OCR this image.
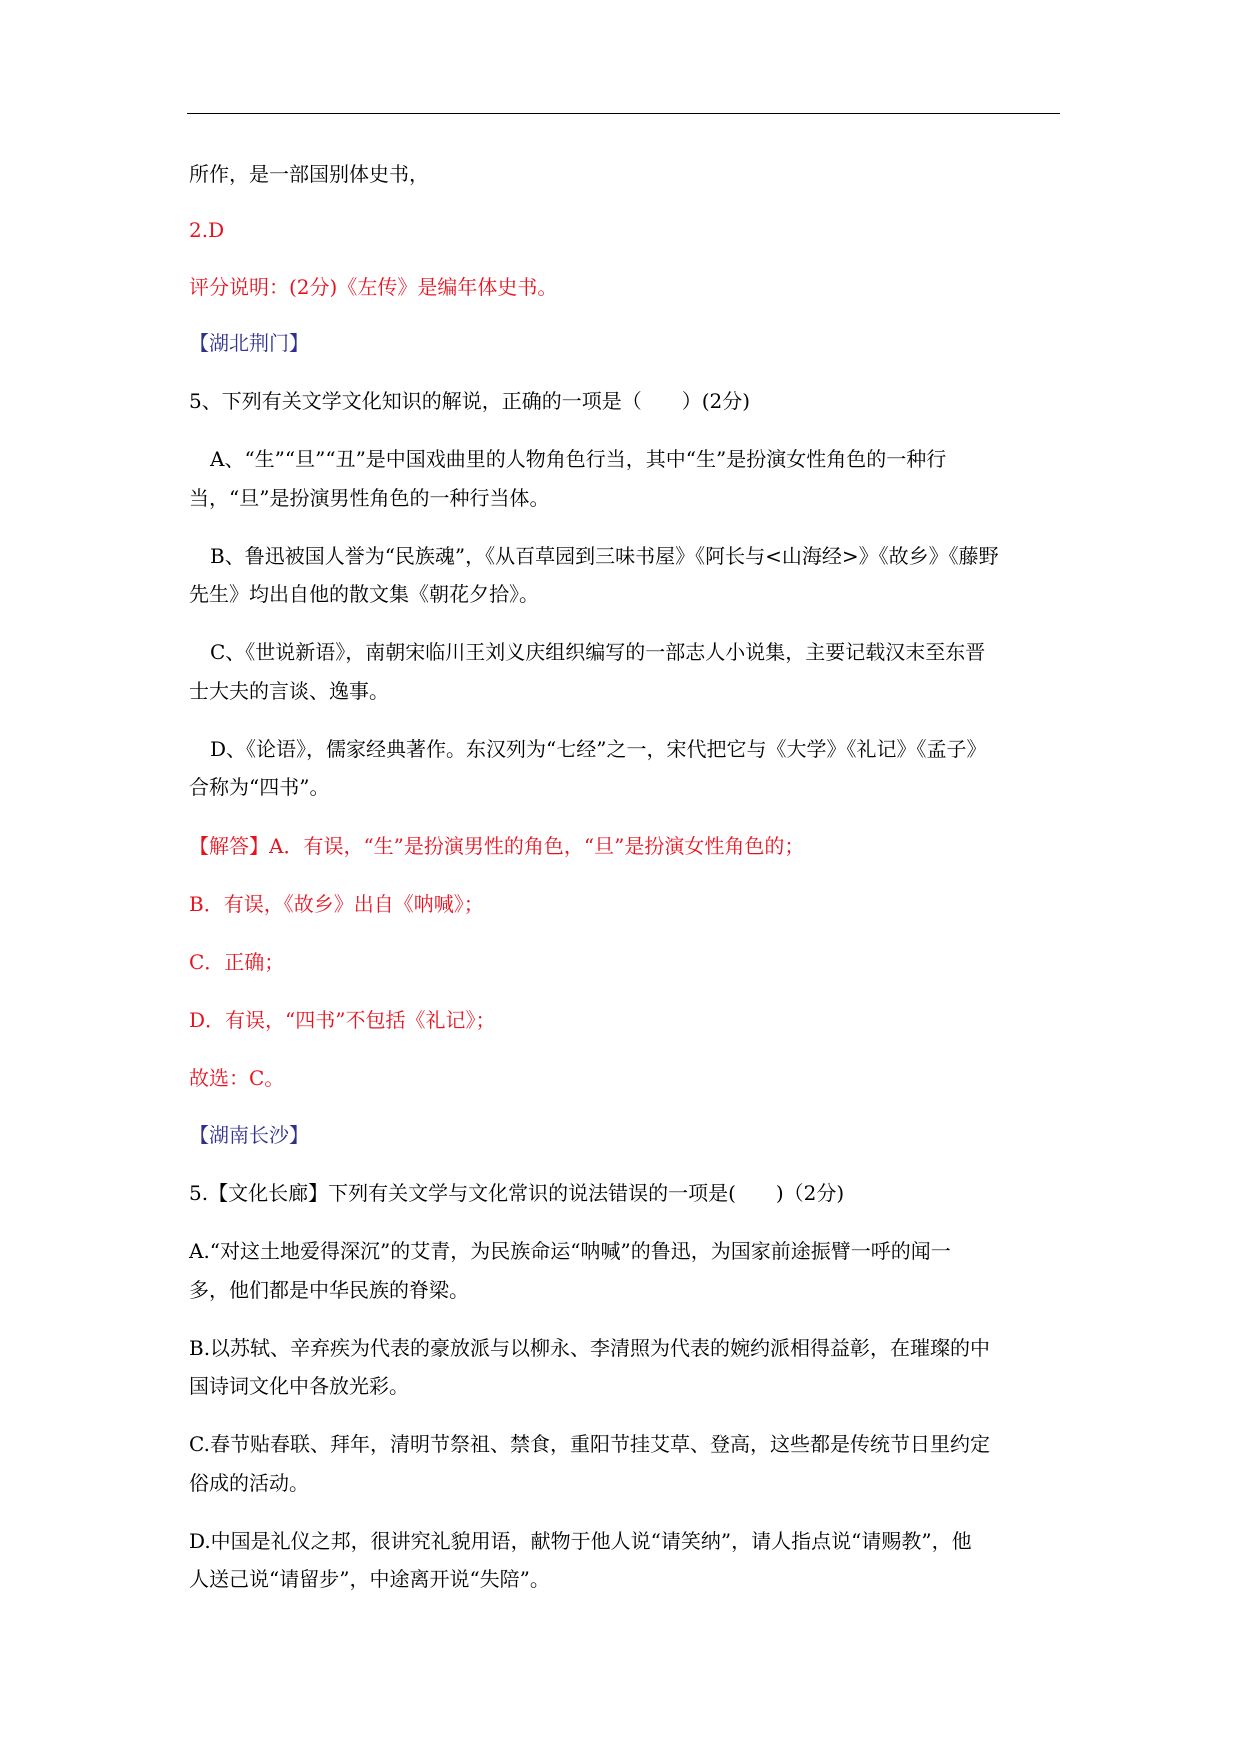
所作，是一部国别体史书，
2.D
评分说明：(2分)《左传》是编年体史书。
【湖北荆门】
5、下列有关文学文化知识的解说，正确的一项是（　　）(2分)
A、“生”“旦”“丑”是中国戏曲里的人物角色行当，其中“生”是扮演女性角色的一种行
当，“旦”是扮演男性角色的一种行当体。
B、鲁迅被国人誉为“民族魂”，《从百草园到三味书屋》《阿长与<山海经>》《故乡》《藤野
先生》均出自他的散文集《朝花夕拾》。
C、《世说新语》，南朝宋临川王刘义庆组织编写的一部志人小说集，主要记载汉末至东晋
士大夫的言谈、逸事。
D、《论语》，儒家经典著作。东汉列为“七经”之一，宋代把它与《大学》《礼记》《孟子》
合称为“四书”。
【解答】A．有误，“生”是扮演男性的角色，“旦”是扮演女性角色的；
B．有误，《故乡》出自《呐喊》；
C．正确；
D．有误，“四书”不包括《礼记》；
故选：C。
【湖南长沙】
5.【文化长廊】下列有关文学与文化常识的说法错误的一项是(　　)（2分)
A.“对这土地爱得深沉”的艾青，为民族命运“呐喊”的鲁迅，为国家前途振臂一呼的闻一
多，他们都是中华民族的脊梁。
B.以苏轼、辛弃疾为代表的豪放派与以柳永、李清照为代表的婉约派相得益彰，在璀璨的中
国诗词文化中各放光彩。
C.春节贴春联、拜年，清明节祭祖、禁食，重阳节挂艾草、登高，这些都是传统节日里约定
俗成的活动。
D.中国是礼仪之邦，很讲究礼貌用语，献物于他人说“请笑纳”，请人指点说“请赐教”，他
人送己说“请留步”，中途离开说“失陪”。
